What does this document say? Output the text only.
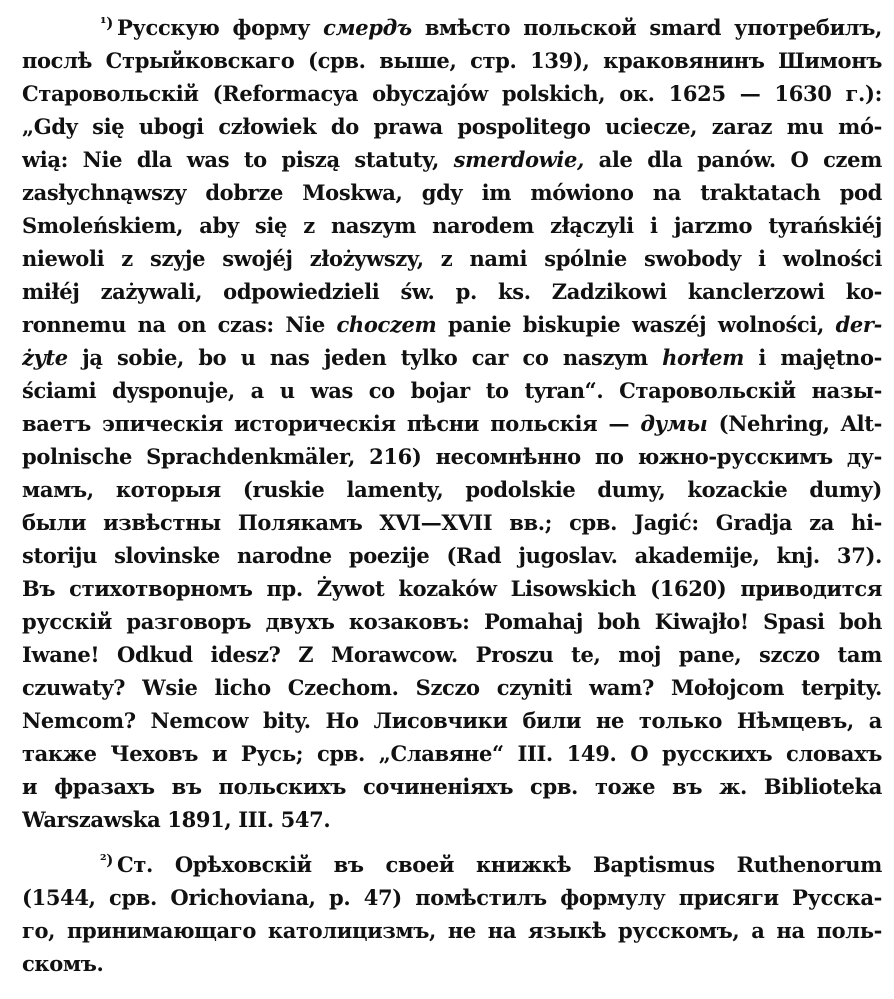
$^{^1)}$ Русскую форму смердъ вмѣсто польской smard употребилъ,
послѣ Стрыйковскаго (срв. выше, стр. 139), краковянинъ Шимонъ
Старовольскій (Reformacya obyczajów polskich, ок. 1625 — 1630 г.):
„Gdy się ubogi człowiek do prawa pospolitego uciecze, zaraz mu mó-
wią: Nie dla was to piszą statuty, smerdowie, ale dla panów. O czem
zasłychnąwszy dobrze Moskwa, gdy im mówiono na traktatach pod
Smoleńskiem, aby się z naszym narodem złączyli i jarzmo tyrańskiéj
niewoli z szyje swojéj złożywszy, z nami spólnie swobody i wolności
miłéj zażywali, odpowiedzieli św. p. ks. Zadzikowi kanclerzowi ko-
ronnemu na on czas: Nie choczem panie biskupie waszéj wolności, der-
żyte ją sobie, bo u nas jeden tylko car co naszym horłem i majętno-
ściami dysponuje, a u was co bojar to tyran“. Старовольскій назы-
ваетъ эпическія историческія пѣсни польскія — думы (Nehring, Alt-
polnische Sprachdenkmäler, 216) несомнѣнно по южно-русскимъ ду-
мамъ, которыя (ruskie lamenty, podolskie dumy, kozackie dumy)
были извѣстны Полякамъ XVI—XVII вв.; срв. Jagić: Gradja za hi-
storiju slovinske narodne poezije (Rad jugoslav. akademije, knj. 37).
Въ стихотворномъ пр. Żywot kozaków Lisowskich (1620) приводится
русскій разговоръ двухъ козаковъ: Pomahaj boh Kiwajło! Spasi boh
Iwane! Odkud idesz? Z Morawcow. Proszu te, moj pane, szczo tam
czuwaty? Wsie licho Czechom. Szczo czyniti wam? Mołojcom terpity.
Nemcom? Nemcow bity. Но Лисовчики били не только Нѣмцевъ, а
также Чеховъ и Русь; срв. „Славяне“ III. 149. О русскихъ словахъ
и фразахъ въ польскихъ сочиненіяхъ срв. тоже въ ж. Biblioteka
Warszawska 1891, III. 547.
$^{^2)}$ Ст. Орѣховскій въ своей книжкѣ Baptismus Ruthenorum
(1544, срв. Orichoviana, p. 47) помѣстилъ формулу присяги Русска-
го, принимающаго католицизмъ, не на языкѣ русскомъ, а на поль-
скомъ.
